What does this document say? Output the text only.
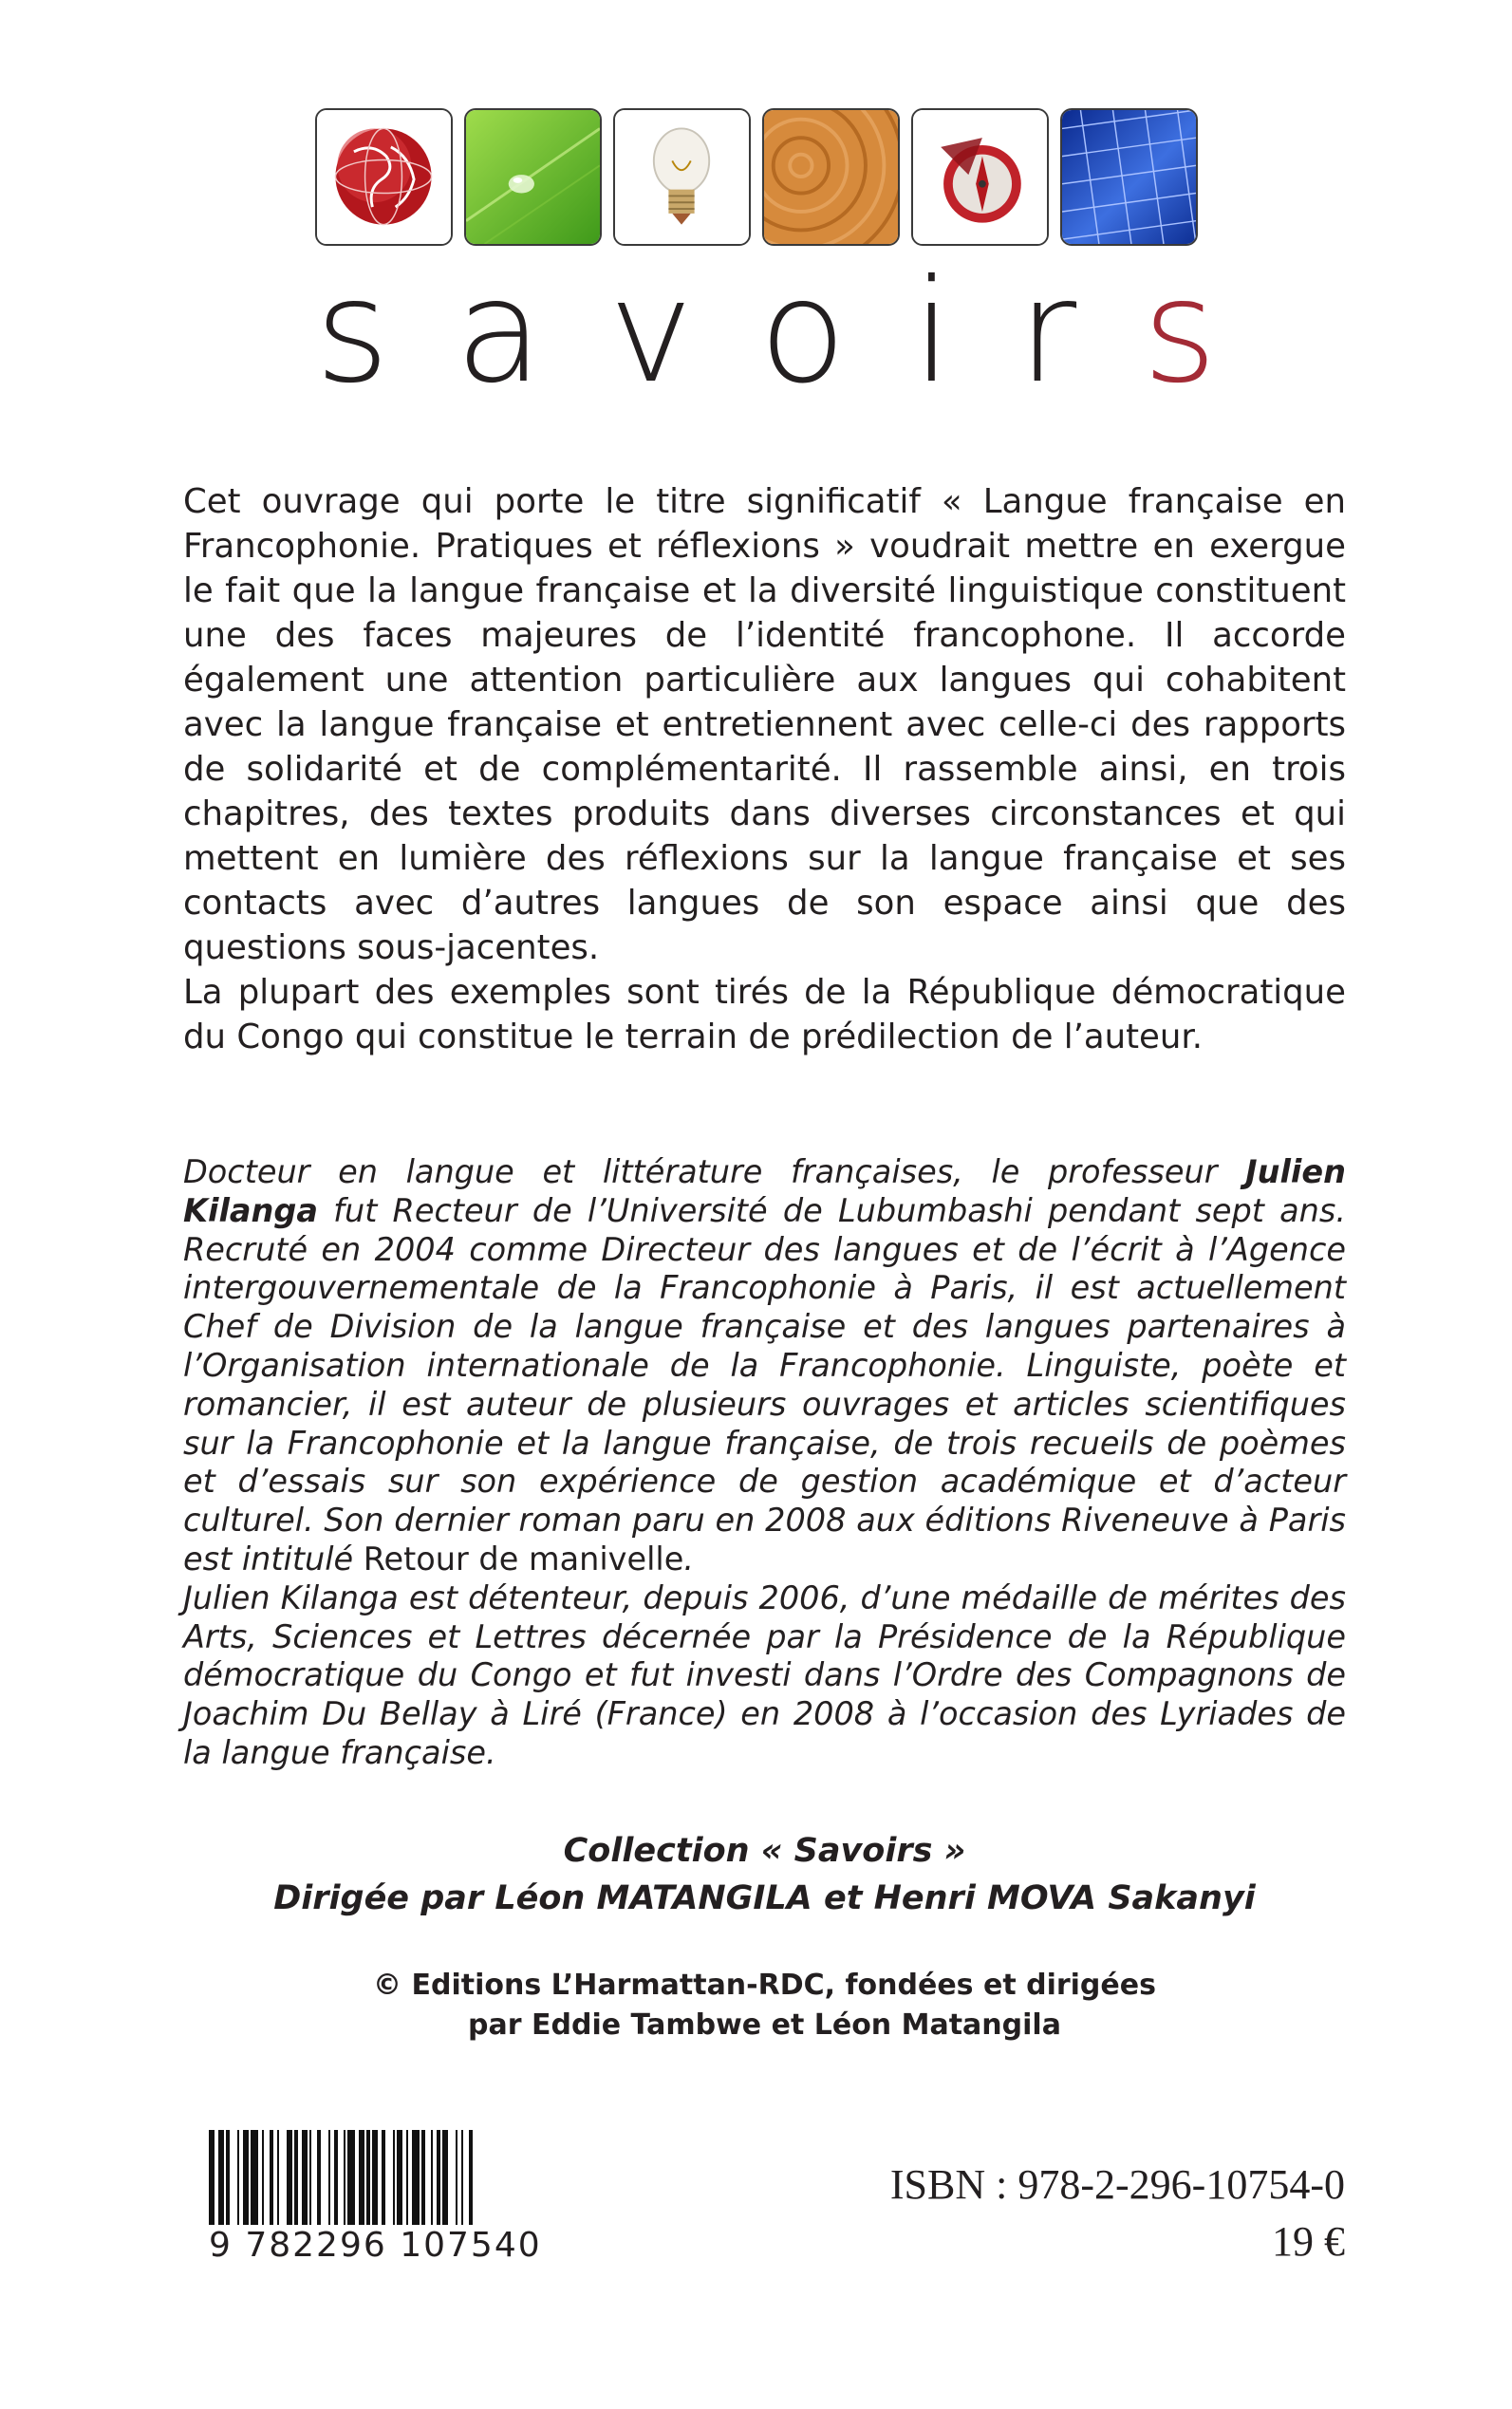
s a v o i r s

Cet ouvrage qui porte le titre significatif « Langue française en Francophonie. Pratiques et réflexions » voudrait mettre en exergue le fait que la langue française et la diversité linguistique constituent une des faces majeures de l’identité francophone. Il accorde également une attention particulière aux langues qui cohabitent avec la langue française et entretiennent avec celle-ci des rapports de solidarité et de complémentarité. Il rassemble ainsi, en trois chapitres, des textes produits dans diverses circonstances et qui mettent en lumière des réflexions sur la langue française et ses contacts avec d’autres langues de son espace ainsi que des questions sous-jacentes.

La plupart des exemples sont tirés de la République démocratique du Congo qui constitue le terrain de prédilection de l’auteur.

Docteur en langue et littérature françaises, le professeur Julien Kilanga fut Recteur de l’Université de Lubumbashi pendant sept ans. Recruté en 2004 comme Directeur des langues et de l’écrit à l’Agence intergouvernementale de la Francophonie à Paris, il est actuellement Chef de Division de la langue française et des langues partenaires à l’Organisation internationale de la Francophonie. Linguiste, poète et romancier, il est auteur de plusieurs ouvrages et articles scientifiques sur la Francophonie et la langue française, de trois recueils de poèmes et d’essais sur son expérience de gestion académique et d’acteur culturel. Son dernier roman paru en 2008 aux éditions Riveneuve à Paris est intitulé Retour de manivelle.

Julien Kilanga est détenteur, depuis 2006, d’une médaille de mérites des Arts, Sciences et Lettres décernée par la Présidence de la République démocratique du Congo et fut investi dans l’Ordre des Compagnons de Joachim Du Bellay à Liré (France) en 2008 à l’occasion des Lyriades de la langue française.

Collection « Savoirs »
Dirigée par Léon MATANGILA et Henri MOVA Sakanyi
© Editions L’Harmattan-RDC, fondées et dirigées
par Eddie Tambwe et Léon Matangila
9 782296 107540
ISBN : 978-2-296-10754-0
19 €
